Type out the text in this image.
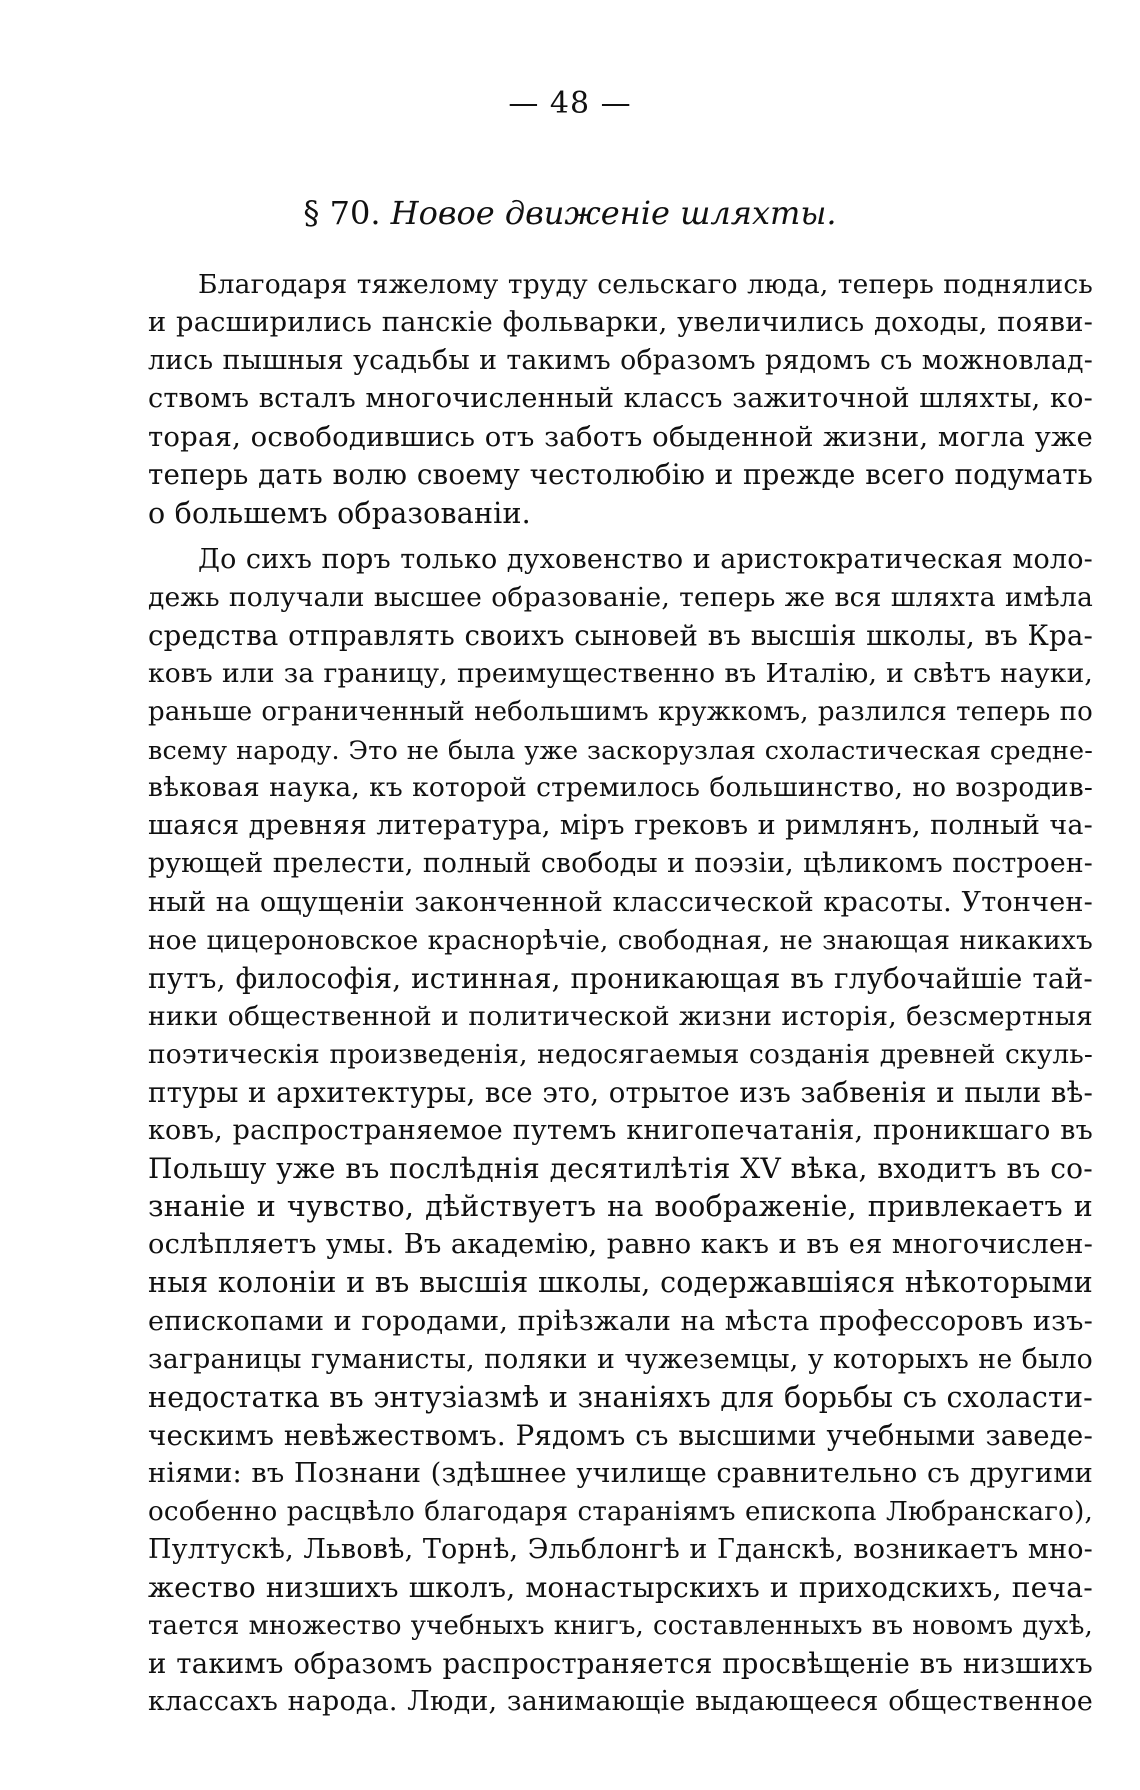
— 48 —
§ 70. Новое движеніе шляхты.
Благодаря тяжелому труду сельскаго люда, теперь поднялись
и расширились панскіе фольварки, увеличились доходы, появи-
лись пышныя усадьбы и такимъ образомъ рядомъ съ можновлад-
ствомъ всталъ многочисленный классъ зажиточной шляхты, ко-
торая, освободившись отъ заботъ обыденной жизни, могла уже
теперь дать волю своему честолюбію и прежде всего подумать
о большемъ образованіи.
До сихъ поръ только духовенство и аристократическая моло-
дежь получали высшее образованіе, теперь же вся шляхта имѣла
средства отправлять своихъ сыновей въ высшія школы, въ Кра-
ковъ или за границу, преимущественно въ Италію, и свѣтъ науки,
раньше ограниченный небольшимъ кружкомъ, разлился теперь по
всему народу. Это не была уже заскорузлая схоластическая средне-
вѣковая наука, къ которой стремилось большинство, но возродив-
шаяся древняя литература, міръ грековъ и римлянъ, полный ча-
рующей прелести, полный свободы и поэзіи, цѣликомъ построен-
ный на ощущеніи законченной классической красоты. Утончен-
ное цицероновское краснорѣчіе, свободная, не знающая никакихъ
путъ, философія, истинная, проникающая въ глубочайшіе тай-
ники общественной и политической жизни исторія, безсмертныя
поэтическія произведенія, недосягаемыя созданія древней скуль-
птуры и архитектуры, все это, отрытое изъ забвенія и пыли вѣ-
ковъ, распространяемое путемъ книгопечатанія, проникшаго въ
Польшу уже въ послѣднія десятилѣтія XV вѣка, входитъ въ со-
знаніе и чувство, дѣйствуетъ на воображеніе, привлекаетъ и
ослѣпляетъ умы. Въ академію, равно какъ и въ ея многочислен-
ныя колоніи и въ высшія школы, содержавшіяся нѣкоторыми
епископами и городами, пріѣзжали на мѣста профессоровъ изъ-
заграницы гуманисты, поляки и чужеземцы, у которыхъ не было
недостатка въ энтузіазмѣ и знаніяхъ для борьбы съ схоласти-
ческимъ невѣжествомъ. Рядомъ съ высшими учебными заведе-
ніями: въ Познани (здѣшнее училище сравнительно съ другими
особенно расцвѣло благодаря стараніямъ епископа Любранскаго),
Пултускѣ, Львовѣ, Торнѣ, Эльблонгѣ и Гданскѣ, возникаетъ мно-
жество низшихъ школъ, монастырскихъ и приходскихъ, печа-
тается множество учебныхъ книгъ, составленныхъ въ новомъ духѣ,
и такимъ образомъ распространяется просвѣщеніе въ низшихъ
классахъ народа. Люди, занимающіе выдающееся общественное
